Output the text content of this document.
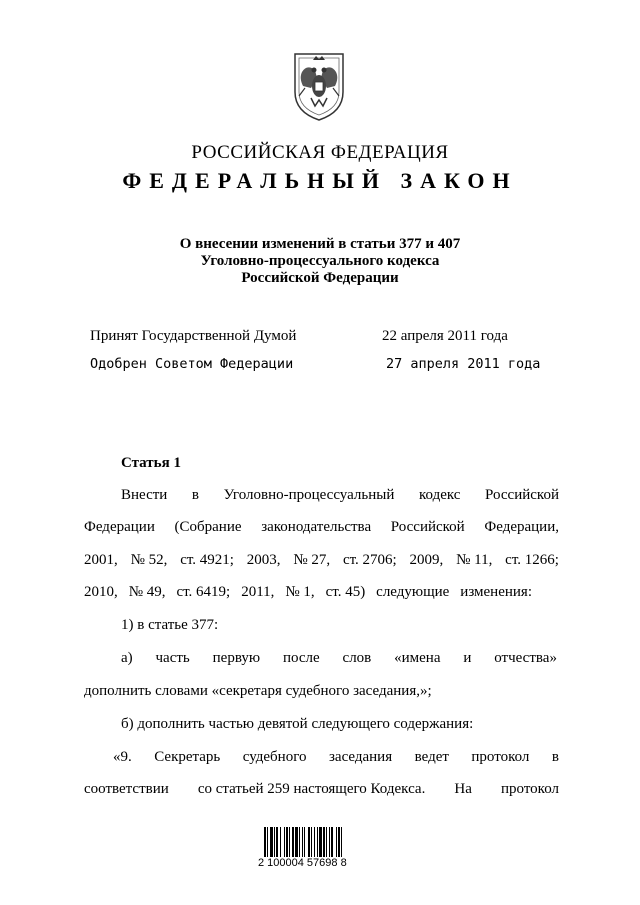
РОССИЙСКАЯ ФЕДЕРАЦИЯ
ФЕДЕРАЛЬНЫЙ ЗАКОН
О внесении изменений в статьи 377 и 407
Уголовно-процессуального кодекса
Российской Федерации
Принят Государственной Думой	22 апреля 2011 года
Одобрен Советом Федерации	27 апреля 2011 года
Статья 1
Внести в Уголовно-процессуальный кодекс Российской
Федерации (Собрание законодательства Российской Федерации,
2001, № 52, ст. 4921; 2003, № 27, ст. 2706; 2009, № 11, ст. 1266;
2010, № 49, ст. 6419; 2011, № 1, ст. 45) следующие изменения:
1) в статье 377:
а) часть первую после слов «имена и отчества»
дополнить словами «секретаря судебного заседания,»;
б) дополнить частью девятой следующего содержания:
«9. Секретарь судебного заседания ведет протокол в
соответствии со статьей 259 настоящего Кодекса. На протокол
2 100004 57698 8
